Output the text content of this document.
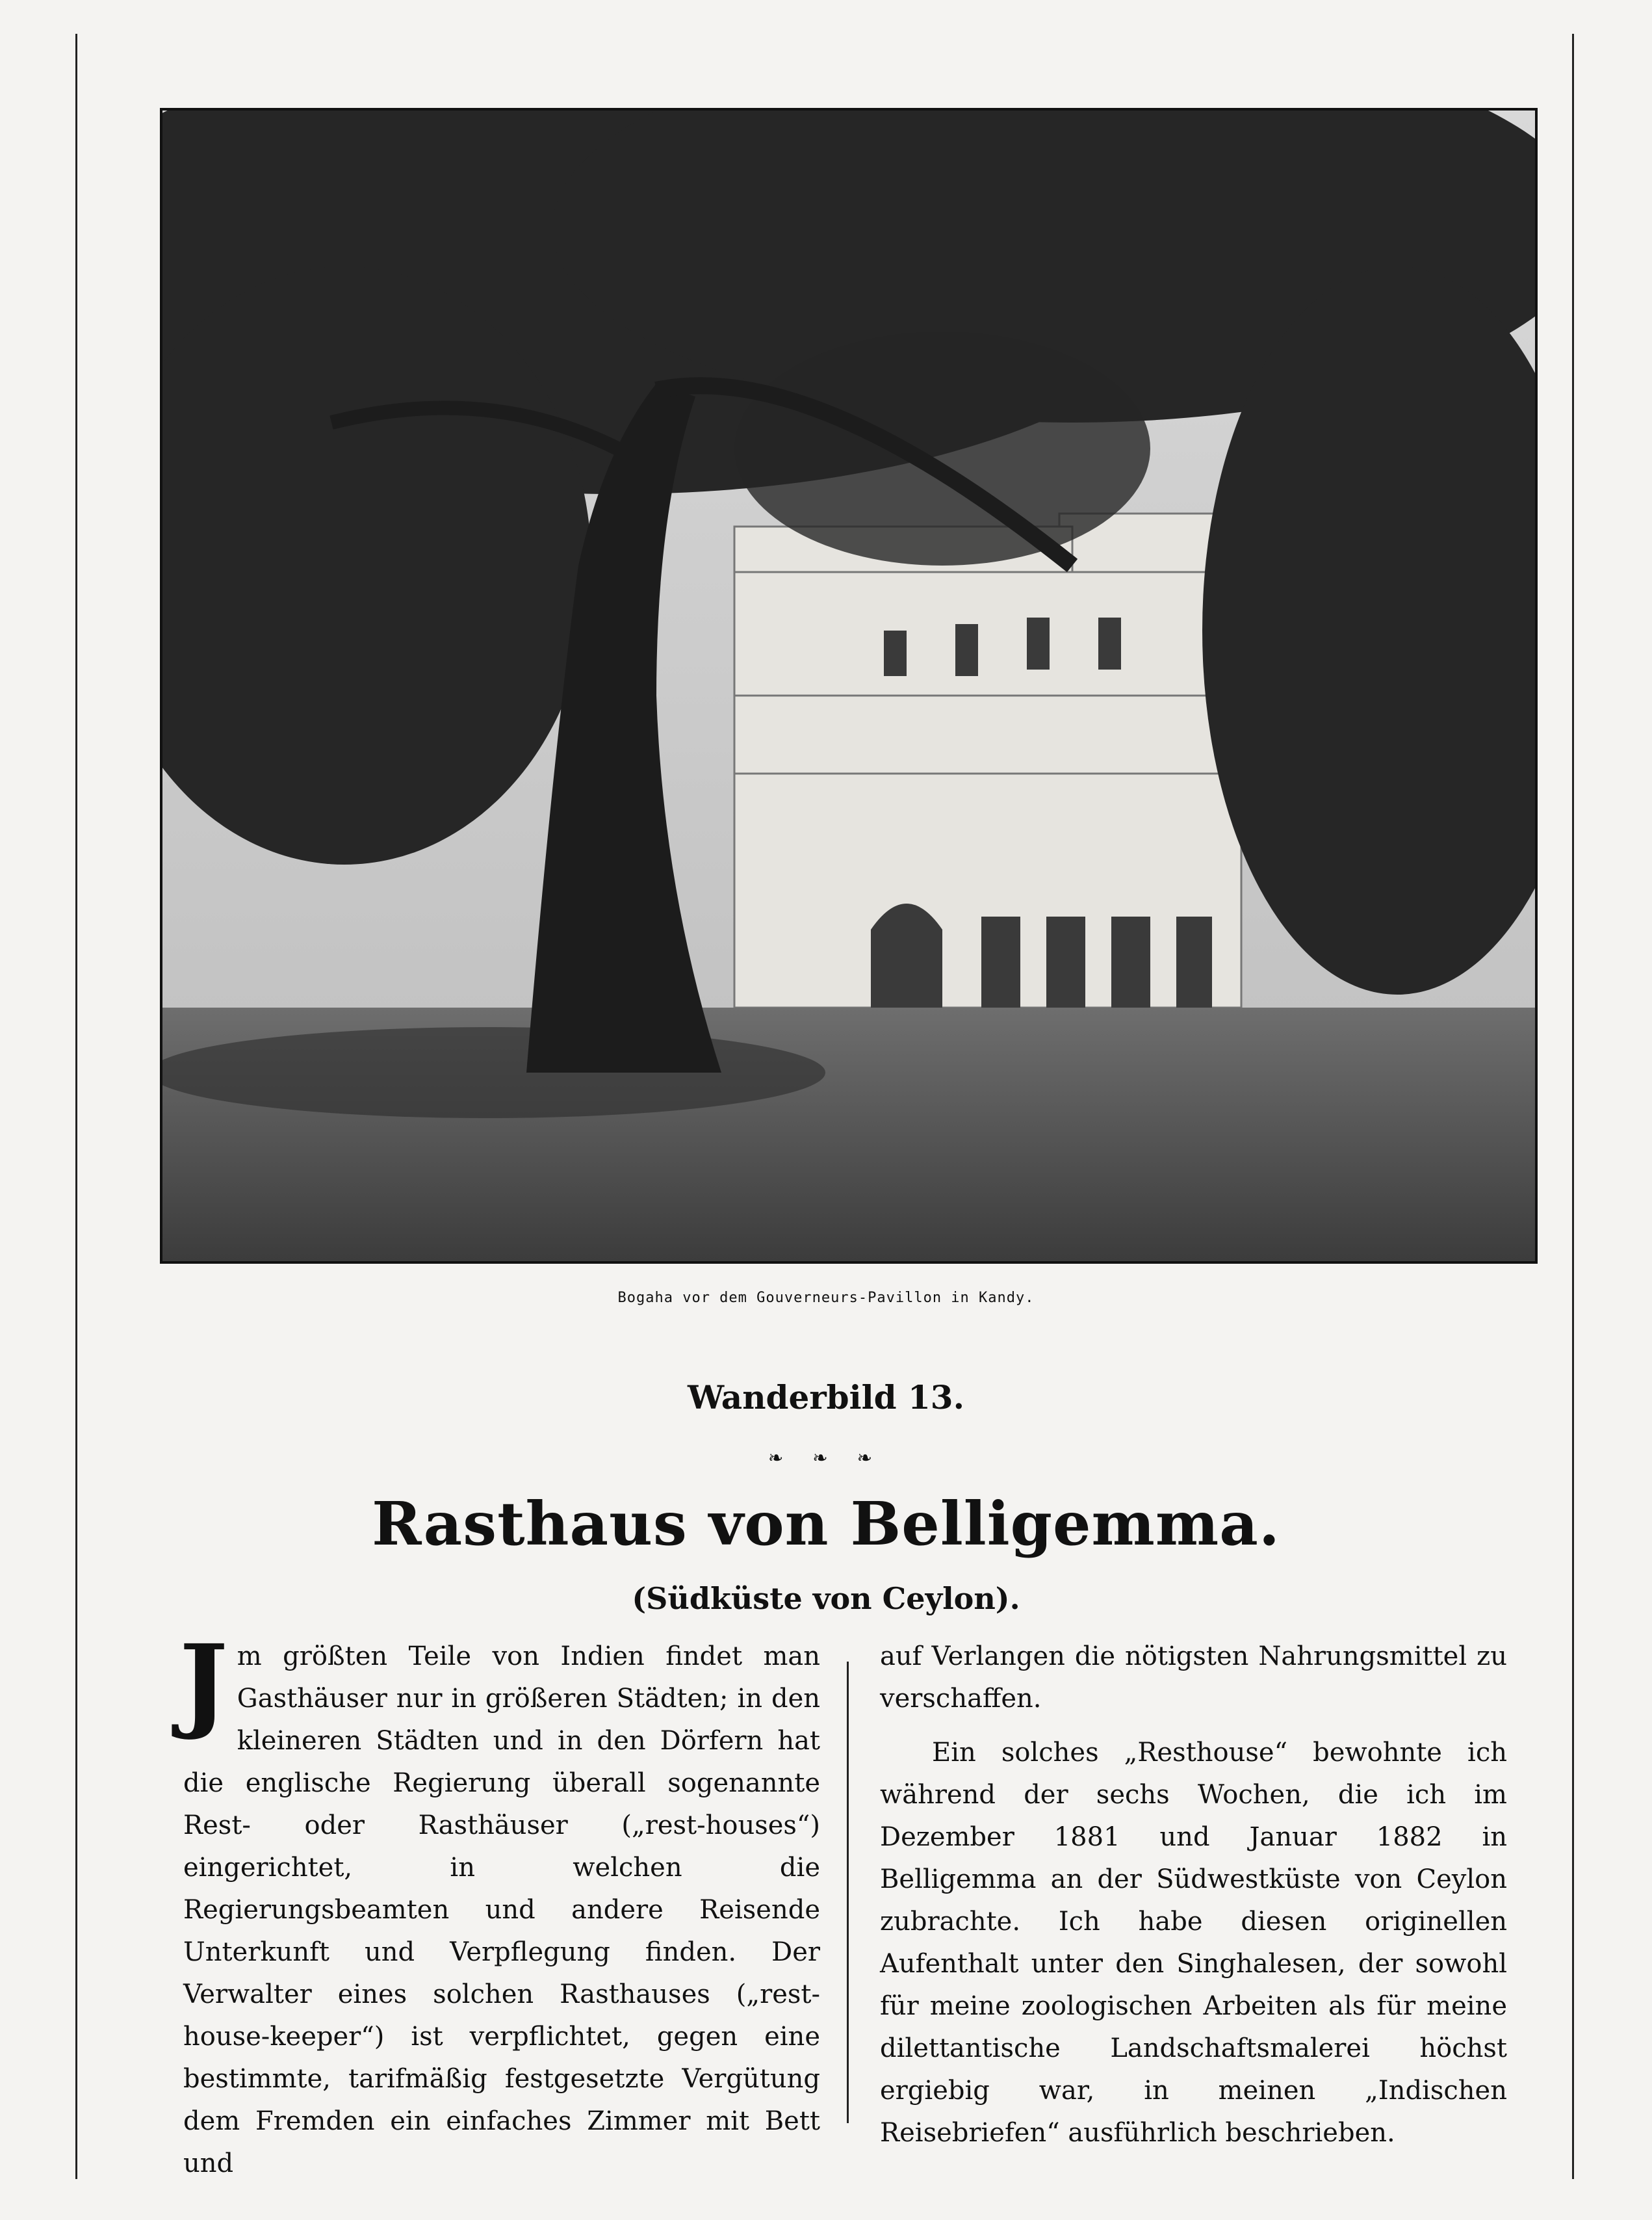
Bogaha vor dem Gouverneurs-Pavillon in Kandy.
Wanderbild 13.
❧ ❧ ❧
Rasthaus von Belligemma.
(Südküste von Ceylon).
J m größten Teile von Indien findet man Gasthäuser nur in größeren Städten; in den kleineren Städten und in den Dörfern hat die englische Regierung überall sogenannte Rest- oder Rasthäuser („rest-houses“) eingerichtet, in welchen die Regierungsbeamten und andere Reisende Unterkunft und Verpflegung finden. Der Verwalter eines solchen Rasthauses („rest-house-keeper“) ist verpflichtet, gegen eine bestimmte, tarifmäßig festgesetzte Vergütung dem Fremden ein einfaches Zimmer mit Bett und

auf Verlangen die nötigsten Nahrungsmittel zu verschaffen.

Ein solches „Resthouse“ bewohnte ich während der sechs Wochen, die ich im Dezember 1881 und Januar 1882 in Belligemma an der Südwestküste von Ceylon zubrachte. Ich habe diesen originellen Aufenthalt unter den Singhalesen, der sowohl für meine zoologischen Arbeiten als für meine dilettantische Landschaftsmalerei höchst ergiebig war, in meinen „Indischen Reisebriefen“ ausführlich beschrieben.
